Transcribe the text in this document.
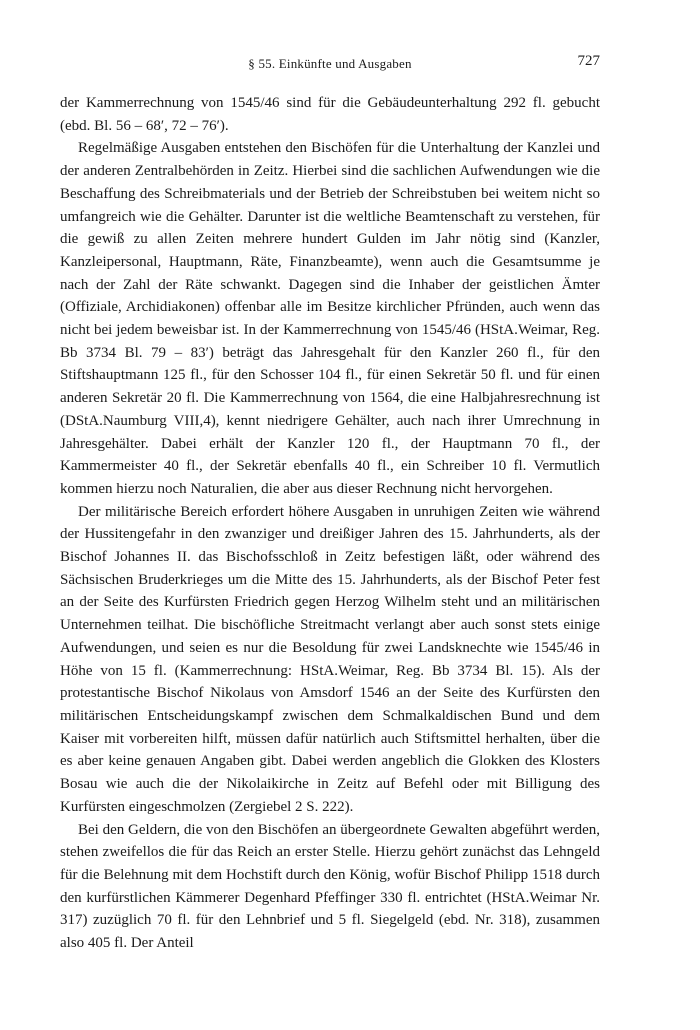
§ 55. Einkünfte und Ausgaben	727

der Kammerrechnung von 1545/46 sind für die Gebäudeunterhaltung 292 fl. gebucht (ebd. Bl. 56 – 68′, 72 – 76′).

Regelmäßige Ausgaben entstehen den Bischöfen für die Unterhaltung der Kanzlei und der anderen Zentralbehörden in Zeitz. Hierbei sind die sachlichen Aufwendungen wie die Beschaffung des Schreibmaterials und der Betrieb der Schreibstuben bei weitem nicht so umfangreich wie die Gehälter. Darunter ist die weltliche Beamtenschaft zu verstehen, für die gewiß zu allen Zeiten mehrere hundert Gulden im Jahr nötig sind (Kanzler, Kanzleipersonal, Hauptmann, Räte, Finanzbeamte), wenn auch die Gesamtsumme je nach der Zahl der Räte schwankt. Dagegen sind die Inhaber der geistlichen Ämter (Offiziale, Archidiakonen) offenbar alle im Besitze kirchlicher Pfründen, auch wenn das nicht bei jedem beweisbar ist. In der Kammerrechnung von 1545/46 (HStA.Weimar, Reg. Bb 3734 Bl. 79 – 83′) beträgt das Jahresgehalt für den Kanzler 260 fl., für den Stiftshauptmann 125 fl., für den Schosser 104 fl., für einen Sekretär 50 fl. und für einen anderen Sekretär 20 fl. Die Kammerrechnung von 1564, die eine Halbjahresrechnung ist (DStA.Naumburg VIII,4), kennt niedrigere Gehälter, auch nach ihrer Umrechnung in Jahresgehälter. Dabei erhält der Kanzler 120 fl., der Hauptmann 70 fl., der Kammermeister 40 fl., der Sekretär ebenfalls 40 fl., ein Schreiber 10 fl. Vermutlich kommen hierzu noch Naturalien, die aber aus dieser Rechnung nicht hervorgehen.

Der militärische Bereich erfordert höhere Ausgaben in unruhigen Zeiten wie während der Hussitengefahr in den zwanziger und dreißiger Jahren des 15. Jahrhunderts, als der Bischof Johannes II. das Bischofsschloß in Zeitz befestigen läßt, oder während des Sächsischen Bruderkrieges um die Mitte des 15. Jahrhunderts, als der Bischof Peter fest an der Seite des Kurfürsten Friedrich gegen Herzog Wilhelm steht und an militärischen Unternehmen teilhat. Die bischöfliche Streitmacht verlangt aber auch sonst stets einige Aufwendungen, und seien es nur die Besoldung für zwei Landsknechte wie 1545/46 in Höhe von 15 fl. (Kammerrechnung: HStA.Weimar, Reg. Bb 3734 Bl. 15). Als der protestantische Bischof Nikolaus von Amsdorf 1546 an der Seite des Kurfürsten den militärischen Entscheidungskampf zwischen dem Schmalkaldischen Bund und dem Kaiser mit vorbereiten hilft, müssen dafür natürlich auch Stiftsmittel herhalten, über die es aber keine genauen Angaben gibt. Dabei werden angeblich die Glokken des Klosters Bosau wie auch die der Nikolaikirche in Zeitz auf Befehl oder mit Billigung des Kurfürsten eingeschmolzen (Zergiebel 2 S. 222).

Bei den Geldern, die von den Bischöfen an übergeordnete Gewalten abgeführt werden, stehen zweifellos die für das Reich an erster Stelle. Hierzu gehört zunächst das Lehngeld für die Belehnung mit dem Hochstift durch den König, wofür Bischof Philipp 1518 durch den kurfürstlichen Kämmerer Degenhard Pfeffinger 330 fl. entrichtet (HStA.Weimar Nr. 317) zuzüglich 70 fl. für den Lehnbrief und 5 fl. Siegelgeld (ebd. Nr. 318), zusammen also 405 fl. Der Anteil
